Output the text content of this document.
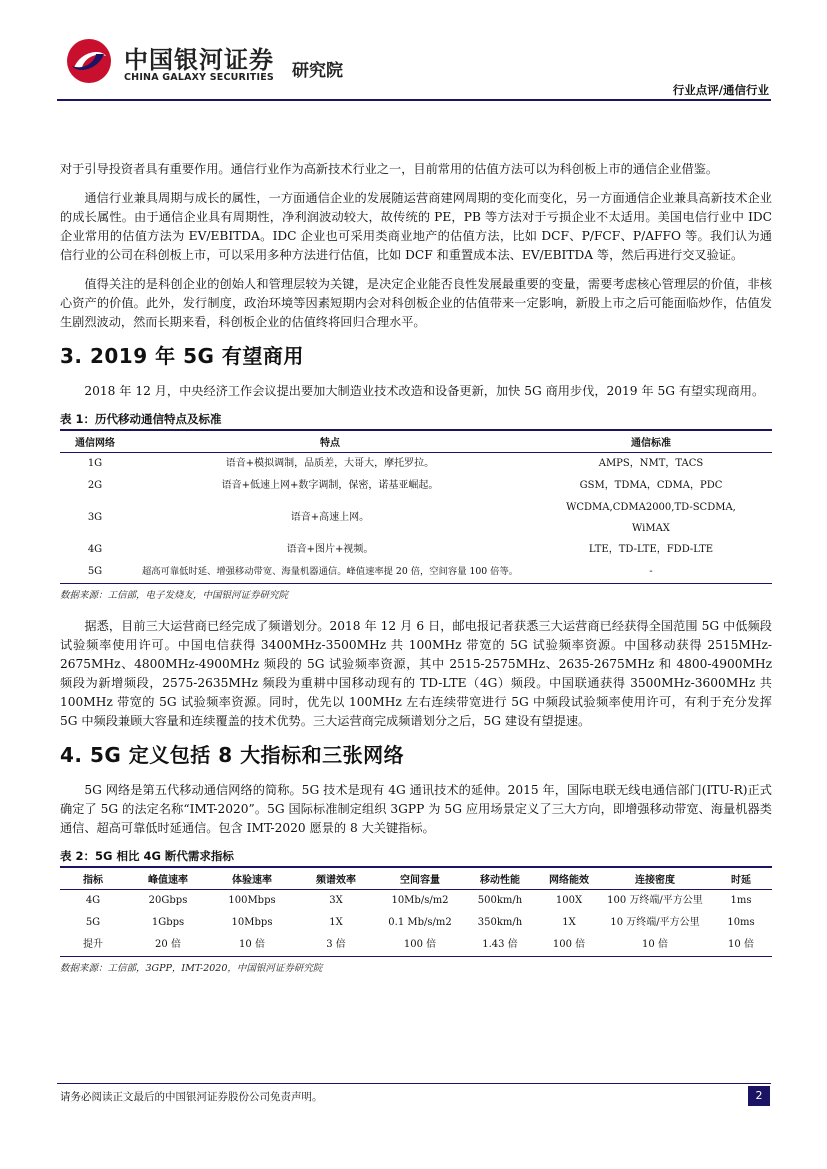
中国银河证券
CHINA GALAXY SECURITIES 研究院
行业点评/通信行业

对于引导投资者具有重要作用。通信行业作为高新技术行业之一，目前常用的估值方法可以为科创板上市的通信企业借鉴。

通信行业兼具周期与成长的属性，一方面通信企业的发展随运营商建网周期的变化而变化，另一方面通信企业兼具高新技术企业的成长属性。由于通信企业具有周期性，净利润波动较大，故传统的 PE，PB 等方法对于亏损企业不太适用。美国电信行业中 IDC 企业常用的估值方法为 EV/EBITDA。IDC 企业也可采用类商业地产的估值方法，比如 DCF、P/FCF、P/AFFO 等。我们认为通信行业的公司在科创板上市，可以采用多种方法进行估值，比如 DCF 和重置成本法、EV/EBITDA 等，然后再进行交叉验证。

值得关注的是科创企业的创始人和管理层较为关键，是决定企业能否良性发展最重要的变量，需要考虑核心管理层的价值，非核心资产的价值。此外，发行制度，政治环境等因素短期内会对科创板企业的估值带来一定影响，新股上市之后可能面临炒作，估值发生剧烈波动，然而长期来看，科创板企业的估值终将回归合理水平。

3. 2019 年 5G 有望商用

2018 年 12 月，中央经济工作会议提出要加大制造业技术改造和设备更新，加快 5G 商用步伐，2019 年 5G 有望实现商用。

表 1：历代移动通信特点及标准
通信网络	特点	通信标准
1G	语音+模拟调制，品质差，大哥大，摩托罗拉。	AMPS，NMT，TACS
2G	语音+低速上网+数字调制，保密，诺基亚崛起。	GSM，TDMA，CDMA，PDC
3G	语音+高速上网。	WCDMA,CDMA2000,TD-SCDMA, WiMAX
4G	语音+图片+视频。	LTE，TD-LTE，FDD-LTE
5G	超高可靠低时延、增强移动带宽、海量机器通信。峰值速率提 20 倍，空间容量 100 倍等。	-
数据来源：工信部，电子发烧友，中国银河证券研究院

据悉，目前三大运营商已经完成了频谱划分。2018 年 12 月 6 日，邮电报记者获悉三大运营商已经获得全国范围 5G 中低频段试验频率使用许可。中国电信获得 3400MHz-3500MHz 共 100MHz 带宽的 5G 试验频率资源。中国移动获得 2515MHz-2675MHz、4800MHz-4900MHz 频段的 5G 试验频率资源，其中 2515-2575MHz、2635-2675MHz 和 4800-4900MHz 频段为新增频段，2575-2635MHz 频段为重耕中国移动现有的 TD-LTE（4G）频段。中国联通获得 3500MHz-3600MHz 共 100MHz 带宽的 5G 试验频率资源。同时，优先以 100MHz 左右连续带宽进行 5G 中频段试验频率使用许可，有利于充分发挥 5G 中频段兼顾大容量和连续覆盖的技术优势。三大运营商完成频谱划分之后，5G 建设有望提速。

4. 5G 定义包括 8 大指标和三张网络

5G 网络是第五代移动通信网络的简称。5G 技术是现有 4G 通讯技术的延伸。2015 年，国际电联无线电通信部门(ITU-R)正式确定了 5G 的法定名称“IMT-2020”。5G 国际标准制定组织 3GPP 为 5G 应用场景定义了三大方向，即增强移动带宽、海量机器类通信、超高可靠低时延通信。包含 IMT-2020 愿景的 8 大关键指标。

表 2：5G 相比 4G 断代需求指标
指标	峰值速率	体验速率	频谱效率	空间容量	移动性能	网络能效	连接密度	时延
4G	20Gbps	100Mbps	3X	10Mb/s/m2	500km/h	100X	100 万终端/平方公里	1ms
5G	1Gbps	10Mbps	1X	0.1 Mb/s/m2	350km/h	1X	10 万终端/平方公里	10ms
提升	20 倍	10 倍	3 倍	100 倍	1.43 倍	100 倍	10 倍	10 倍
数据来源：工信部，3GPP，IMT-2020，中国银河证券研究院
请务必阅读正文最后的中国银河证券股份公司免责声明。	2
